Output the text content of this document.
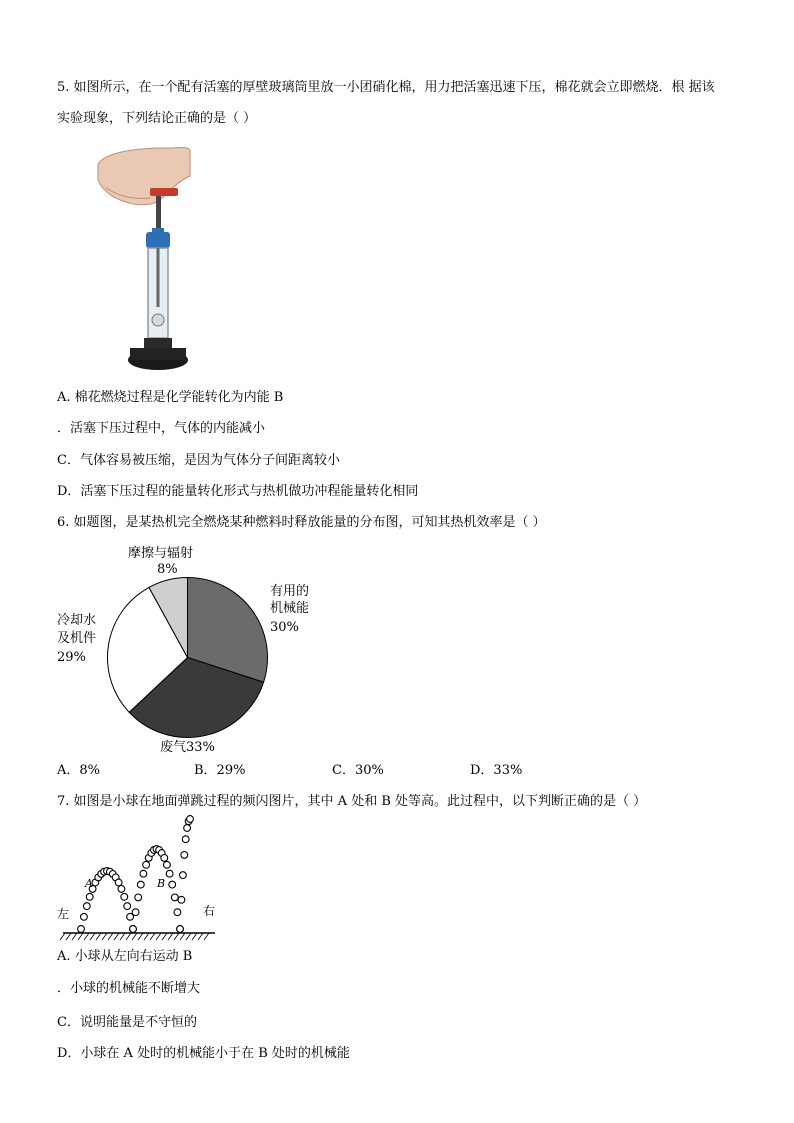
5. 如图所示，在一个配有活塞的厚壁玻璃筒里放一小团硝化棉，用力把活塞迅速下压，棉花就会立即燃烧．根 据该
实验现象，下列结论正确的是（ ）
A. 棉花燃烧过程是化学能转化为内能 B
．活塞下压过程中，气体的内能减小
C．气体容易被压缩，是因为气体分子间距离较小
D．活塞下压过程的能量转化形式与热机做功冲程能量转化相同
6. 如题图，是某热机完全燃烧某种燃料时释放能量的分布图，可知其热机效率是（ ）
摩擦与辐射
8%
有用的
机械能
30%
冷却水
及机件
29%
废气33%
A．8%	B．29%	C．30%	D．33%
7. 如图是小球在地面弹跳过程的频闪图片，其中 A 处和 B 处等高。此过程中，以下判断正确的是（ ）
A	B
左	右
A. 小球从左向右运动 B
．小球的机械能不断增大
C．说明能量是不守恒的
D．小球在 A 处时的机械能小于在 B 处时的机械能
